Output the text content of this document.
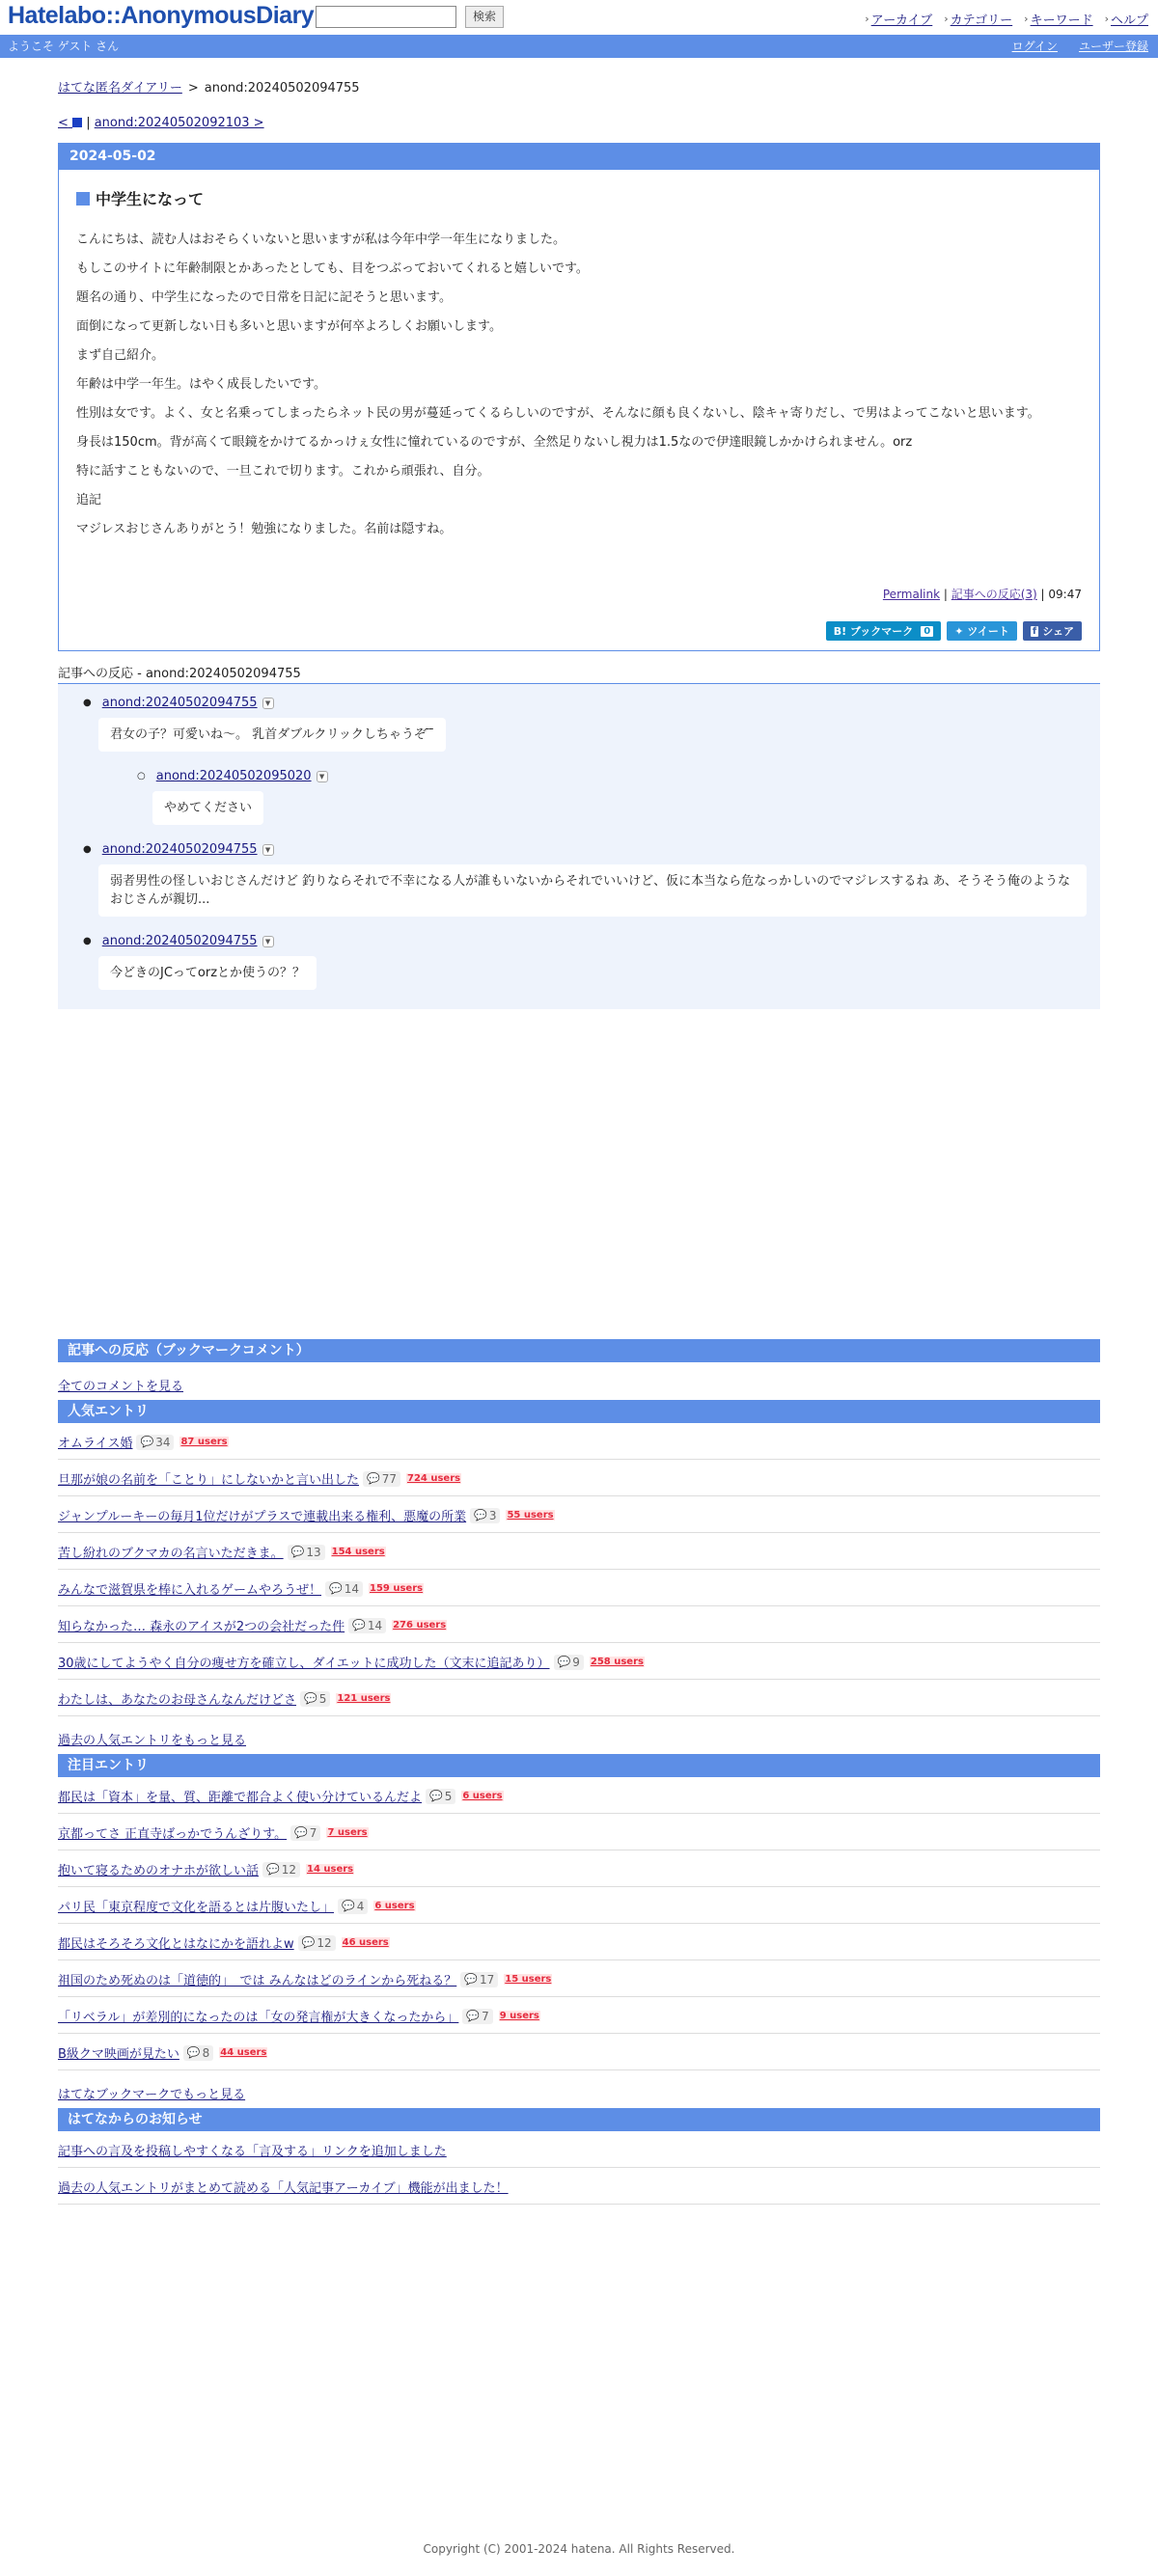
Hatelabo::AnonymousDiary	検索	› アーカイブ › カテゴリー › キーワード › ヘルプ
ようこそ ゲスト さん	ログイン ユーザー登録
はてな匿名ダイアリー > anond:20240502094755
< | anond:20240502092103 >
2024-05-02
中学生になって

こんにちは、読む人はおそらくいないと思いますが私は今年中学一年生になりました。

もしこのサイトに年齢制限とかあったとしても、目をつぶっておいてくれると嬉しいです。

題名の通り、中学生になったので日常を日記に記そうと思います。

面倒になって更新しない日も多いと思いますが何卒よろしくお願いします。

まず自己紹介。

年齢は中学一年生。はやく成長したいです。

性別は女です。よく、女と名乗ってしまったらネット民の男が蔓延ってくるらしいのですが、そんなに顔も良くないし、陰キャ寄りだし、で男はよってこないと思います。

身長は150cm。背が高くて眼鏡をかけてるかっけぇ女性に憧れているのですが、全然足りないし視力は1.5なので伊達眼鏡しかかけられません。orz

特に話すこともないので、一旦これで切ります。これから頑張れ、自分。

追記

マジレスおじさんありがとう！勉強になりました。名前は隠すね。

Permalink | 記事への反応(3) | 09:47
B! ブックマーク	0 ✦ ツイート f シェア
記事への反応 - anond:20240502094755
● anond:20240502094755	▼
君女の子？可愛いね〜。 乳首ダブルクリックしちゃうぞ ̄ ̄
○ anond:20240502095020	▼
やめてください
● anond:20240502094755	▼
弱者男性の怪しいおじさんだけど 釣りならそれで不幸になる人が誰もいないからそれでいいけど、仮に本当なら危なっかしいのでマジレスするね あ、そうそう俺のようなおじさんが親切...
● anond:20240502094755	▼
今どきのJCってorzとか使うの？？
記事への反応（ブックマークコメント）
全てのコメントを見る
人気エントリ
オムライス婚 💬 34 87 users
旦那が娘の名前を「ことり」にしないかと言い出した 💬 77 724 users
ジャンプルーキーの毎月1位だけがプラスで連載出来る権利、悪魔の所業 💬 3 55 users
苦し紛れのブクマカの名言いただきま。 💬 13 154 users
みんなで滋賀県を棒に入れるゲームやろうぜ！ 💬 14 159 users
知らなかった… 森永のアイスが2つの会社だった件 💬 14 276 users
30歳にしてようやく自分の痩せ方を確立し、ダイエットに成功した（文末に追記あり） 💬 9 258 users
わたしは、あなたのお母さんなんだけどさ 💬 5 121 users
過去の人気エントリをもっと見る
注目エントリ
都民は「資本」を量、質、距離で都合よく使い分けているんだよ 💬 5 6 users
京都ってさ 正直寺ばっかでうんざりす。 💬 7 7 users
抱いて寝るためのオナホが欲しい話 💬 12 14 users
パリ民「東京程度で文化を語るとは片腹いたし」 💬 4 6 users
都民はそろそろ文化とはなにかを語れよw 💬 12 46 users
祖国のため死ぬのは「道徳的」　では みんなはどのラインから死ねる？ 💬 17 15 users
「リベラル」が差別的になったのは「女の発言権が大きくなったから」 💬 7 9 users
B級クマ映画が見たい 💬 8 44 users
はてなブックマークでもっと見る
はてなからのお知らせ
記事への言及を投稿しやすくなる「言及する」リンクを追加しました
過去の人気エントリがまとめて読める「人気記事アーカイブ」機能が出ました！
Copyright (C) 2001-2024 hatena. All Rights Reserved.
